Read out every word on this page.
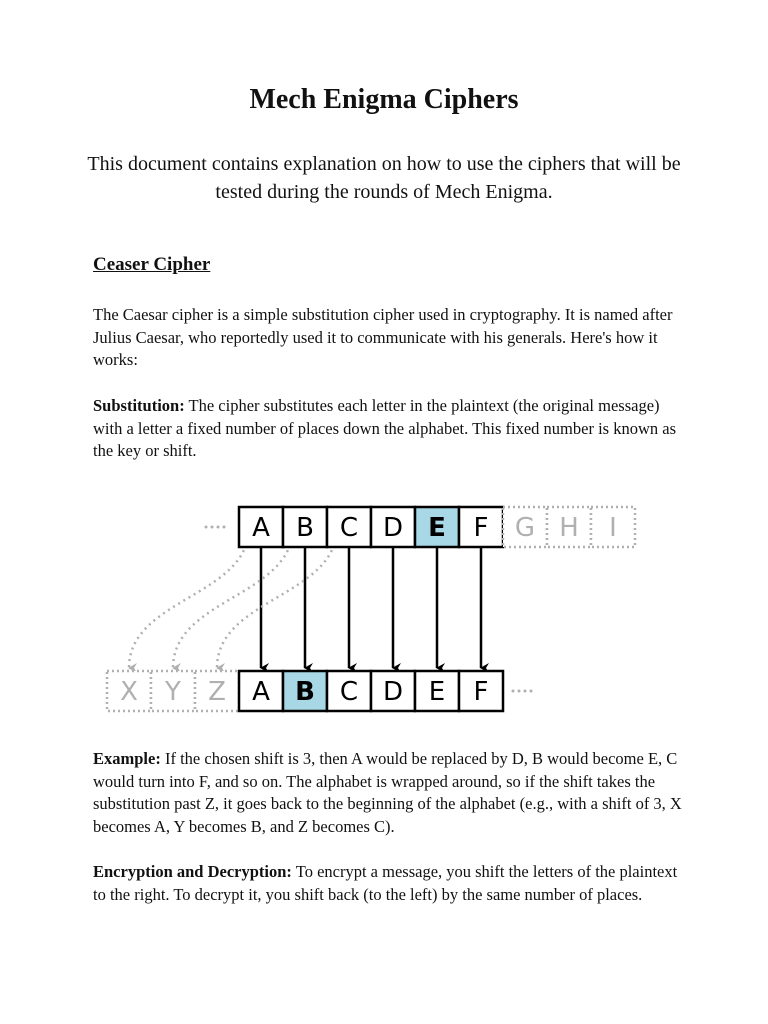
Mech Enigma Ciphers

This document contains explanation on how to use the ciphers that will be tested during the rounds of Mech Enigma.

Ceaser Cipher

The Caesar cipher is a simple substitution cipher used in cryptography. It is named after Julius Caesar, who reportedly used it to communicate with his generals. Here's how it works:

Substitution: The cipher substitutes each letter in the plaintext (the original message) with a letter a fixed number of places down the alphabet. This fixed number is known as the key or shift.

A B C D E F G H I
X Y Z A B C D E F

Example: If the chosen shift is 3, then A would be replaced by D, B would become E, C would turn into F, and so on. The alphabet is wrapped around, so if the shift takes the substitution past Z, it goes back to the beginning of the alphabet (e.g., with a shift of 3, X becomes A, Y becomes B, and Z becomes C).

Encryption and Decryption: To encrypt a message, you shift the letters of the plaintext to the right. To decrypt it, you shift back (to the left) by the same number of places.
